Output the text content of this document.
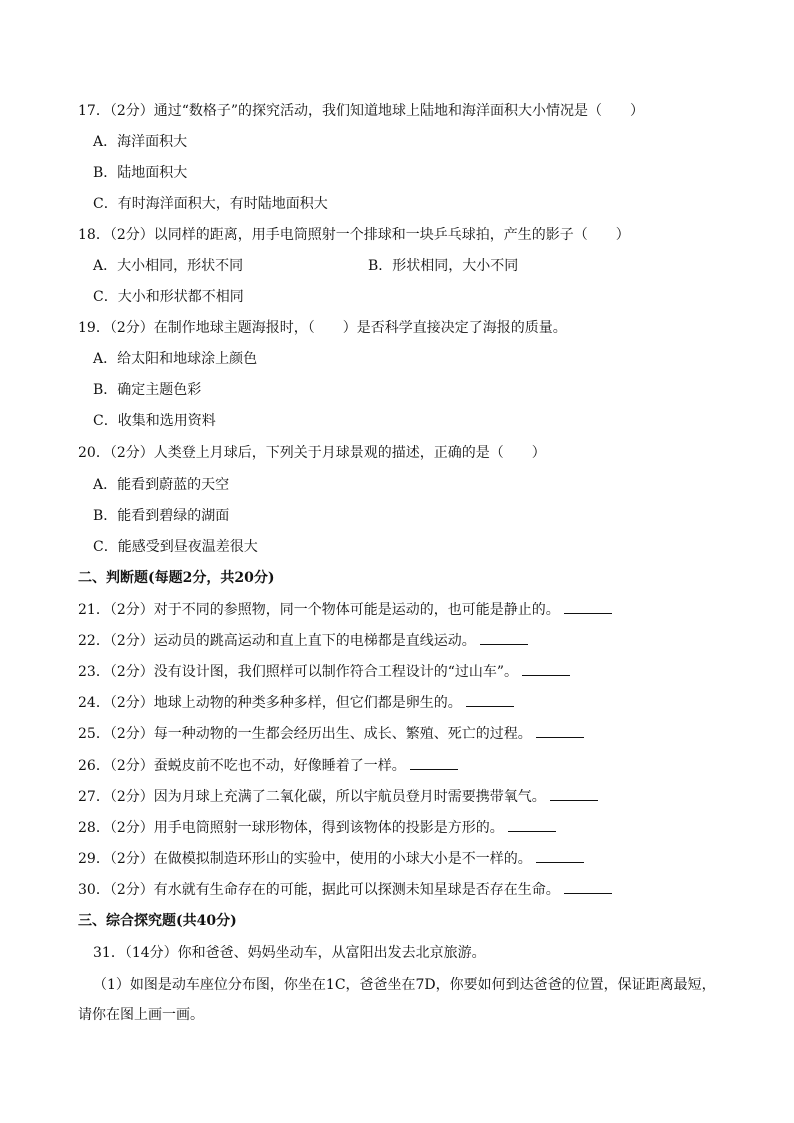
17．（2分）通过“数格子”的探究活动，我们知道地球上陆地和海洋面积大小情况是（　　）
A．海洋面积大
B．陆地面积大
C．有时海洋面积大，有时陆地面积大
18．（2分）以同样的距离，用手电筒照射一个排球和一块乒乓球拍，产生的影子（　　）
A．大小相同，形状不同	B．形状相同，大小不同
C．大小和形状都不相同
19．（2分）在制作地球主题海报时，（　　）是否科学直接决定了海报的质量。
A．给太阳和地球涂上颜色
B．确定主题色彩
C．收集和选用资料
20．（2分）人类登上月球后，下列关于月球景观的描述，正确的是（　　）
A．能看到蔚蓝的天空
B．能看到碧绿的湖面
C．能感受到昼夜温差很大
二、判断题(每题2分，共20分)
21．（2分）对于不同的参照物，同一个物体可能是运动的，也可能是静止的。
22．（2分）运动员的跳高运动和直上直下的电梯都是直线运动。
23．（2分）没有设计图，我们照样可以制作符合工程设计的“过山车”。
24．（2分）地球上动物的种类多种多样，但它们都是卵生的。
25．（2分）每一种动物的一生都会经历出生、成长、繁殖、死亡的过程。
26．（2分）蚕蜕皮前不吃也不动，好像睡着了一样。
27．（2分）因为月球上充满了二氧化碳，所以宇航员登月时需要携带氧气。
28．（2分）用手电筒照射一球形物体，得到该物体的投影是方形的。
29．（2分）在做模拟制造环形山的实验中，使用的小球大小是不一样的。
30．（2分）有水就有生命存在的可能，据此可以探测未知星球是否存在生命。
三、综合探究题(共40分)
31．（14分）你和爸爸、妈妈坐动车，从富阳出发去北京旅游。
（1）如图是动车座位分布图，你坐在1C，爸爸坐在7D，你要如何到达爸爸的位置，保证距离最短，
请你在图上画一画。
